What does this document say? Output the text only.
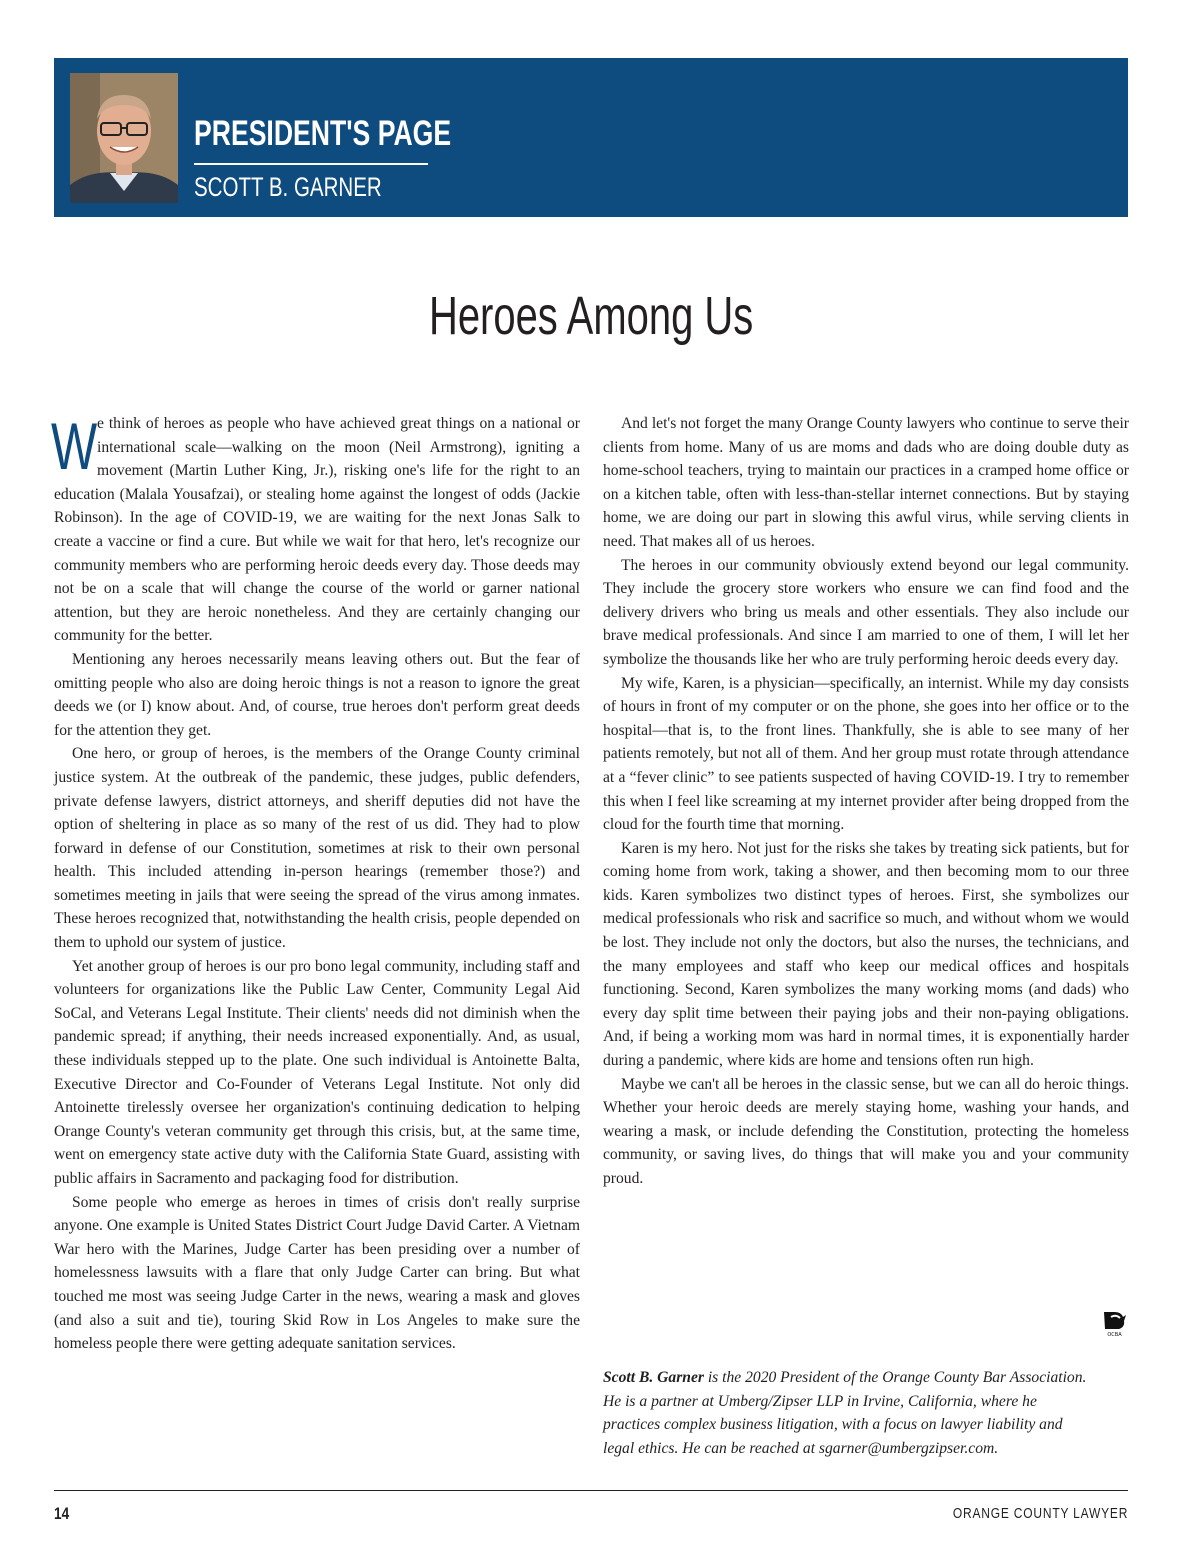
PRESIDENT'S PAGE
SCOTT B. GARNER
Heroes Among Us

We think of heroes as people who have achieved great things on a national or international scale—walking on the moon (Neil Armstrong), igniting a movement (Martin Luther King, Jr.), risking one's life for the right to an education (Malala Yousafzai), or stealing home against the longest of odds (Jackie Robinson). In the age of COVID-19, we are waiting for the next Jonas Salk to create a vaccine or find a cure. But while we wait for that hero, let's recognize our community members who are performing heroic deeds every day. Those deeds may not be on a scale that will change the course of the world or garner national attention, but they are heroic nonetheless. And they are certainly changing our community for the better.

Mentioning any heroes necessarily means leaving others out. But the fear of omitting people who also are doing heroic things is not a reason to ignore the great deeds we (or I) know about. And, of course, true heroes don't perform great deeds for the attention they get.

One hero, or group of heroes, is the members of the Orange County criminal justice system. At the outbreak of the pandemic, these judges, public defenders, private defense lawyers, district attorneys, and sheriff deputies did not have the option of sheltering in place as so many of the rest of us did. They had to plow forward in defense of our Constitution, sometimes at risk to their own personal health. This included attending in-person hearings (remember those?) and sometimes meeting in jails that were seeing the spread of the virus among inmates. These heroes recognized that, notwithstanding the health crisis, people depended on them to uphold our system of justice.

Yet another group of heroes is our pro bono legal community, including staff and volunteers for organizations like the Public Law Center, Community Legal Aid SoCal, and Veterans Legal Institute. Their clients' needs did not diminish when the pandemic spread; if anything, their needs increased exponentially. And, as usual, these individuals stepped up to the plate. One such individual is Antoinette Balta, Executive Director and Co-Founder of Veterans Legal Institute. Not only did Antoinette tirelessly oversee her organization's continuing dedication to helping Orange County's veteran community get through this crisis, but, at the same time, went on emergency state active duty with the California State Guard, assisting with public affairs in Sacramento and packaging food for distribution.

Some people who emerge as heroes in times of crisis don't really surprise anyone. One example is United States District Court Judge David Carter. A Vietnam War hero with the Marines, Judge Carter has been presiding over a number of homelessness lawsuits with a flare that only Judge Carter can bring. But what touched me most was seeing Judge Carter in the news, wearing a mask and gloves (and also a suit and tie), touring Skid Row in Los Angeles to make sure the homeless people there were getting adequate sanitation services.

And let's not forget the many Orange County lawyers who continue to serve their clients from home. Many of us are moms and dads who are doing double duty as home-school teachers, trying to maintain our practices in a cramped home office or on a kitchen table, often with less-than-stellar internet connections. But by staying home, we are doing our part in slowing this awful virus, while serving clients in need. That makes all of us heroes.

The heroes in our community obviously extend beyond our legal community. They include the grocery store workers who ensure we can find food and the delivery drivers who bring us meals and other essentials. They also include our brave medical professionals. And since I am married to one of them, I will let her symbolize the thousands like her who are truly performing heroic deeds every day.

My wife, Karen, is a physician—specifically, an internist. While my day consists of hours in front of my computer or on the phone, she goes into her office or to the hospital—that is, to the front lines. Thankfully, she is able to see many of her patients remotely, but not all of them. And her group must rotate through attendance at a “fever clinic” to see patients suspected of having COVID-19. I try to remember this when I feel like screaming at my internet provider after being dropped from the cloud for the fourth time that morning.

Karen is my hero. Not just for the risks she takes by treating sick patients, but for coming home from work, taking a shower, and then becoming mom to our three kids. Karen symbolizes two distinct types of heroes. First, she symbolizes our medical professionals who risk and sacrifice so much, and without whom we would be lost. They include not only the doctors, but also the nurses, the technicians, and the many employees and staff who keep our medical offices and hospitals functioning. Second, Karen symbolizes the many working moms (and dads) who every day split time between their paying jobs and their non-paying obligations. And, if being a working mom was hard in normal times, it is exponentially harder during a pandemic, where kids are home and tensions often run high.

Maybe we can't all be heroes in the classic sense, but we can all do heroic things. Whether your heroic deeds are merely staying home, washing your hands, and wearing a mask, or include defending the Constitution, protecting the homeless community, or saving lives, do things that will make you and your community proud.

OCBA
Scott B. Garner is the 2020 President of the Orange County Bar Association. He is a partner at Umberg/Zipser LLP in Irvine, California, where he practices complex business litigation, with a focus on lawyer liability and legal ethics. He can be reached at sgarner@umbergzipser.com.
14	ORANGE COUNTY LAWYER
